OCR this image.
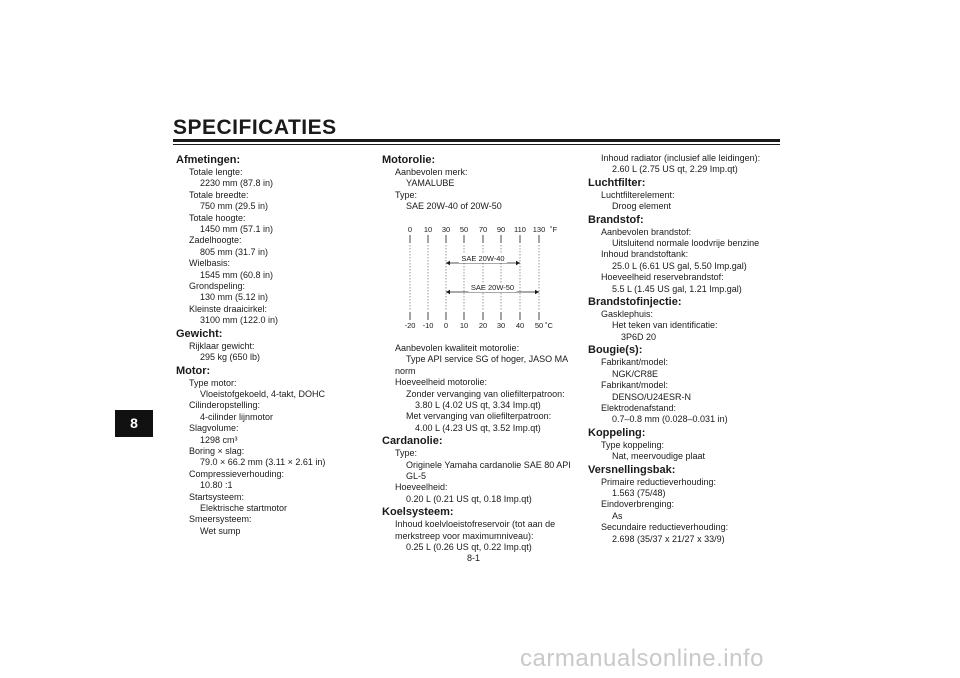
SPECIFICATIES
8
Afmetingen:
Totale lengte:
2230 mm (87.8 in)
Totale breedte:
750 mm (29.5 in)
Totale hoogte:
1450 mm (57.1 in)
Zadelhoogte:
805 mm (31.7 in)
Wielbasis:
1545 mm (60.8 in)
Grondspeling:
130 mm (5.12 in)
Kleinste draaicirkel:
3100 mm (122.0 in)
Gewicht:
Rijklaar gewicht:
295 kg (650 lb)
Motor:
Type motor:
Vloeistofgekoeld, 4-takt, DOHC
Cilinderopstelling:
4-cilinder lijnmotor
Slagvolume:
1298 cm³
Boring × slag:
79.0 × 66.2 mm (3.11 × 2.61 in)
Compressieverhouding:
10.80 :1
Startsysteem:
Elektrische startmotor
Smeersysteem:
Wet sump
Motorolie:
Aanbevolen merk:
YAMALUBE
Type:
SAE 20W-40 of 20W-50
0 10 30 50 70 90 110 130 ˚F
-20 -10 0 10 20 30 40 50 ˚C
SAE 20W-40
SAE 20W-50
Aanbevolen kwaliteit motorolie:
Type API service SG of hoger, JASO MA
norm
Hoeveelheid motorolie:
Zonder vervanging van oliefilterpatroon:
3.80 L (4.02 US qt, 3.34 Imp.qt)
Met vervanging van oliefilterpatroon:
4.00 L (4.23 US qt, 3.52 Imp.qt)
Cardanolie:
Type:
Originele Yamaha cardanolie SAE 80 API
GL-5
Hoeveelheid:
0.20 L (0.21 US qt, 0.18 Imp.qt)
Koelsysteem:
Inhoud koelvloeistofreservoir (tot aan de
merkstreep voor maximumniveau):
0.25 L (0.26 US qt, 0.22 Imp.qt)
Inhoud radiator (inclusief alle leidingen):
2.60 L (2.75 US qt, 2.29 Imp.qt)
Luchtfilter:
Luchtfilterelement:
Droog element
Brandstof:
Aanbevolen brandstof:
Uitsluitend normale loodvrije benzine
Inhoud brandstoftank:
25.0 L (6.61 US gal, 5.50 Imp.gal)
Hoeveelheid reservebrandstof:
5.5 L (1.45 US gal, 1.21 Imp.gal)
Brandstofinjectie:
Gasklephuis:
Het teken van identificatie:
3P6D 20
Bougie(s):
Fabrikant/model:
NGK/CR8E
Fabrikant/model:
DENSO/U24ESR-N
Elektrodenafstand:
0.7–0.8 mm (0.028–0.031 in)
Koppeling:
Type koppeling:
Nat, meervoudige plaat
Versnellingsbak:
Primaire reductieverhouding:
1.563 (75/48)
Eindoverbrenging:
As
Secundaire reductieverhouding:
2.698 (35/37 x 21/27 x 33/9)
8-1
carmanualsonline.info
